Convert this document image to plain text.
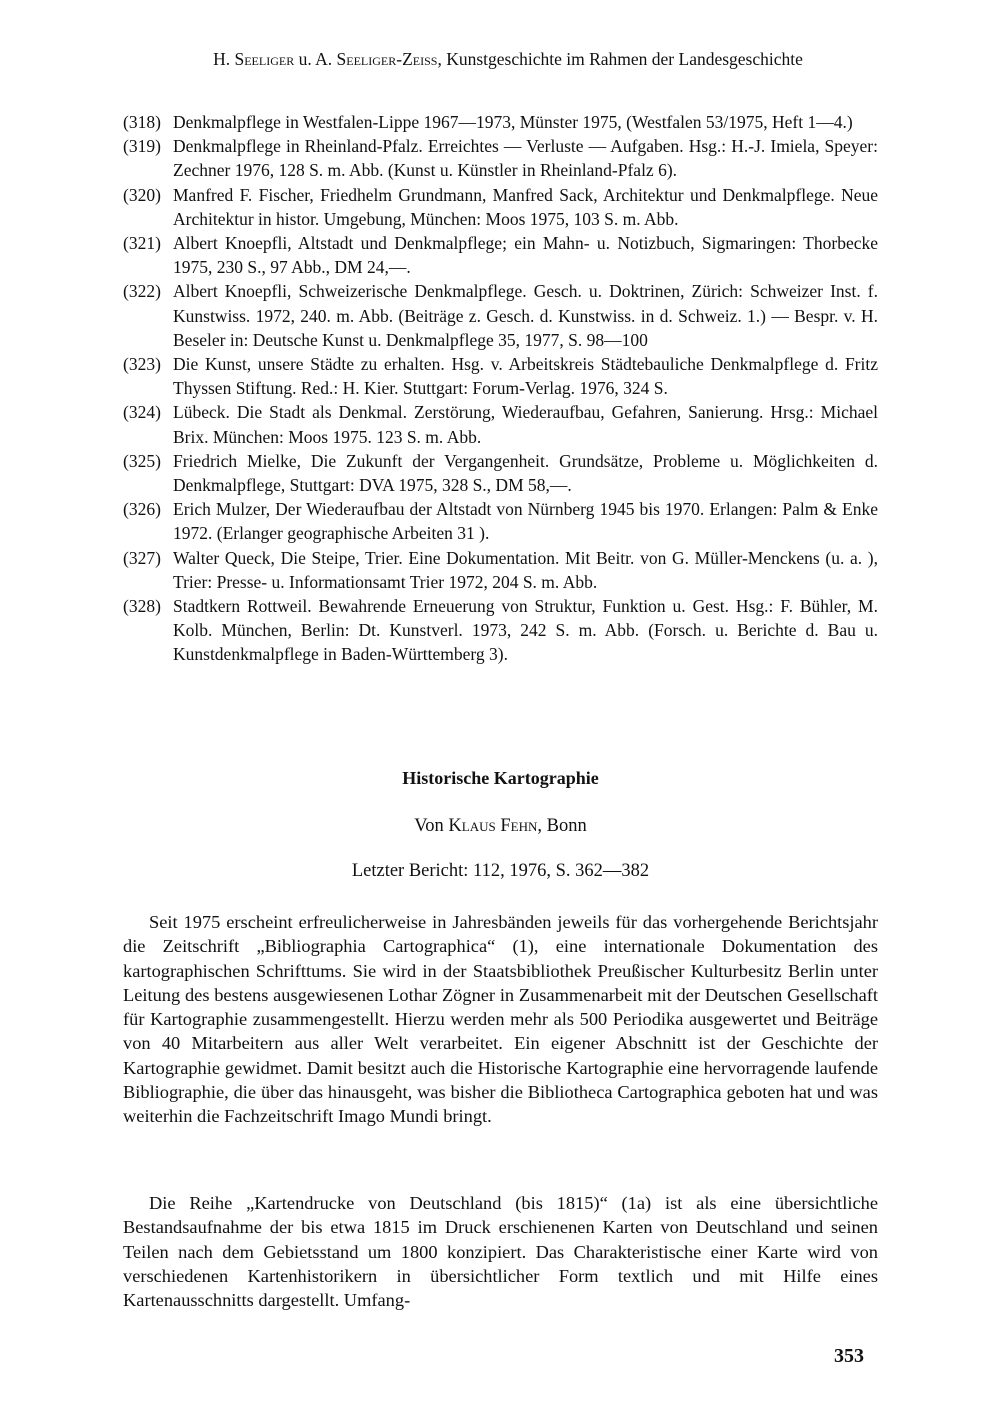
H. Seeliger u. A. Seeliger-Zeiss, Kunstgeschichte im Rahmen der Landesgeschichte
(318) Denkmalpflege in Westfalen-Lippe 1967—1973, Münster 1975, (Westfalen 53/1975, Heft 1—4.)
(319) Denkmalpflege in Rheinland-Pfalz. Erreichtes — Verluste — Aufgaben. Hsg.: H.-J. Imiela, Speyer: Zechner 1976, 128 S. m. Abb. (Kunst u. Künstler in Rheinland-Pfalz 6).
(320) Manfred F. Fischer, Friedhelm Grundmann, Manfred Sack, Architektur und Denkmalpflege. Neue Architektur in histor. Umgebung, München: Moos 1975, 103 S. m. Abb.
(321) Albert Knoepfli, Altstadt und Denkmalpflege; ein Mahn- u. Notizbuch, Sigmaringen: Thorbecke 1975, 230 S., 97 Abb., DM 24,—.
(322) Albert Knoepfli, Schweizerische Denkmalpflege. Gesch. u. Doktrinen, Zürich: Schweizer Inst. f. Kunstwiss. 1972, 240. m. Abb. (Beiträge z. Gesch. d. Kunstwiss. in d. Schweiz. 1.) — Bespr. v. H. Beseler in: Deutsche Kunst u. Denkmalpflege 35, 1977, S. 98—100
(323) Die Kunst, unsere Städte zu erhalten. Hsg. v. Arbeitskreis Städtebauliche Denkmalpflege d. Fritz Thyssen Stiftung. Red.: H. Kier. Stuttgart: Forum-Verlag. 1976, 324 S.
(324) Lübeck. Die Stadt als Denkmal. Zerstörung, Wiederaufbau, Gefahren, Sanierung. Hrsg.: Michael Brix. München: Moos 1975. 123 S. m. Abb.
(325) Friedrich Mielke, Die Zukunft der Vergangenheit. Grundsätze, Probleme u. Möglichkeiten d. Denkmalpflege, Stuttgart: DVA 1975, 328 S., DM 58,—.
(326) Erich Mulzer, Der Wiederaufbau der Altstadt von Nürnberg 1945 bis 1970. Erlangen: Palm & Enke 1972. (Erlanger geographische Arbeiten 31 ).
(327) Walter Queck, Die Steipe, Trier. Eine Dokumentation. Mit Beitr. von G. Müller-Menckens (u. a. ), Trier: Presse- u. Informationsamt Trier 1972, 204 S. m. Abb.
(328) Stadtkern Rottweil. Bewahrende Erneuerung von Struktur, Funktion u. Gest. Hsg.: F. Bühler, M. Kolb. München, Berlin: Dt. Kunstverl. 1973, 242 S. m. Abb. (Forsch. u. Berichte d. Bau u. Kunstdenkmalpflege in Baden-Württemberg 3).
Historische Kartographie
Von Klaus Fehn, Bonn
Letzter Bericht: 112, 1976, S. 362—382

Seit 1975 erscheint erfreulicherweise in Jahresbänden jeweils für das vorhergehende Berichtsjahr die Zeitschrift „Bibliographia Cartographica“ (1), eine internationale Dokumentation des kartographischen Schrifttums. Sie wird in der Staatsbibliothek Preußischer Kulturbesitz Berlin unter Leitung des bestens ausgewiesenen Lothar Zögner in Zusammenarbeit mit der Deutschen Gesellschaft für Kartographie zusammengestellt. Hierzu werden mehr als 500 Periodika ausgewertet und Beiträge von 40 Mitarbeitern aus aller Welt verarbeitet. Ein eigener Abschnitt ist der Geschichte der Kartographie gewidmet. Damit besitzt auch die Historische Kartographie eine hervorragende laufende Bibliographie, die über das hinausgeht, was bisher die Bibliotheca Cartographica geboten hat und was weiterhin die Fachzeitschrift Imago Mundi bringt.

Die Reihe „Kartendrucke von Deutschland (bis 1815)“ (1a) ist als eine übersichtliche Bestandsaufnahme der bis etwa 1815 im Druck erschienenen Karten von Deutschland und seinen Teilen nach dem Gebietsstand um 1800 konzipiert. Das Charakteristische einer Karte wird von verschiedenen Kartenhistorikern in übersichtlicher Form textlich und mit Hilfe eines Kartenausschnitts dargestellt. Umfang-

353
